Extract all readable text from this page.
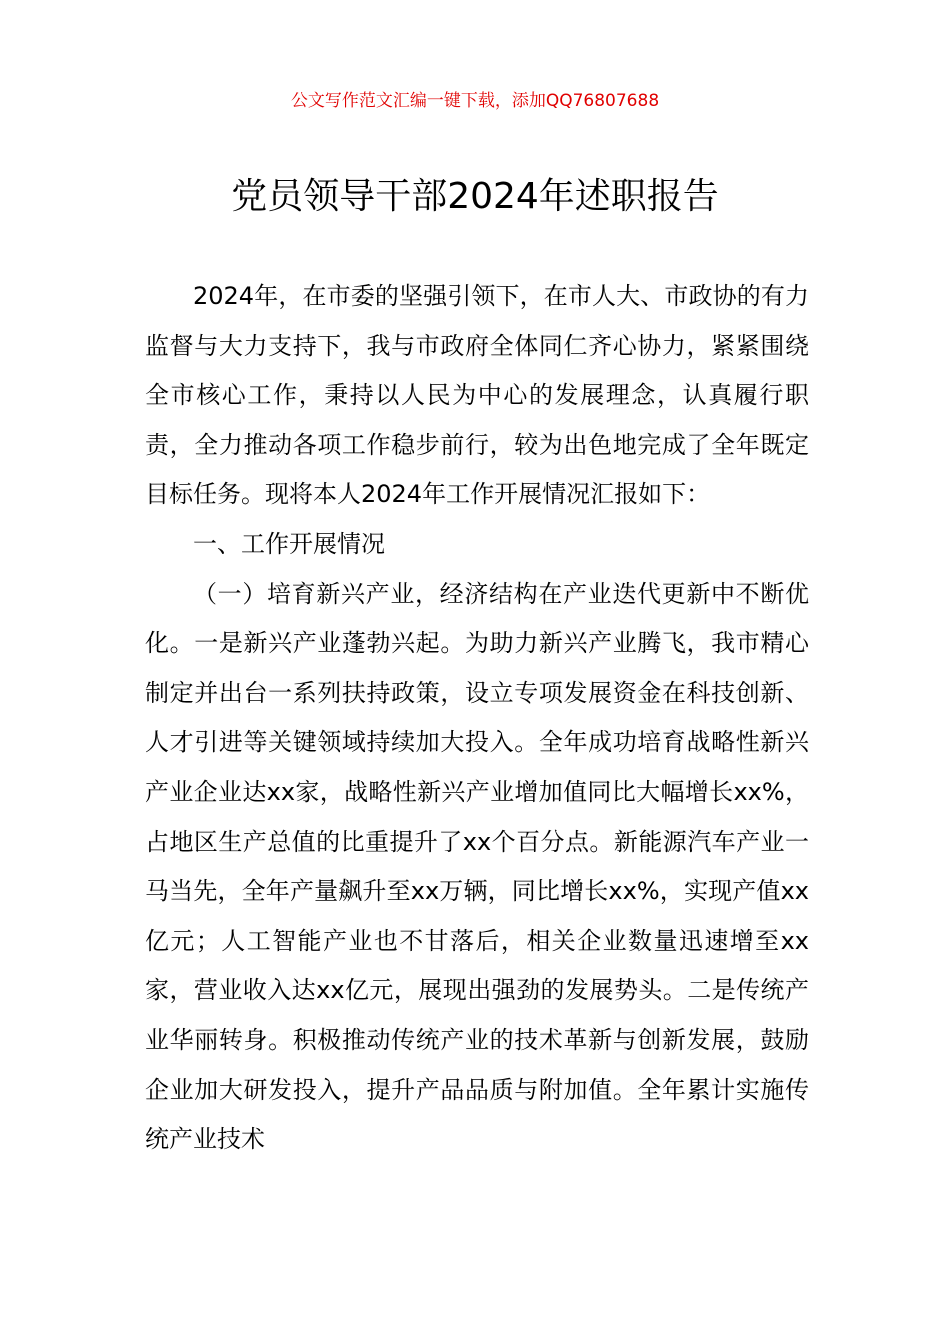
公文写作范文汇编一键下载，添加QQ76807688
党员领导干部2024年述职报告

2024年，在市委的坚强引领下，在市人大、市政协的有力监督与大力支持下，我与市政府全体同仁齐心协力，紧紧围绕全市核心工作，秉持以人民为中心的发展理念，认真履行职责，全力推动各项工作稳步前行，较为出色地完成了全年既定目标任务。现将本人2024年工作开展情况汇报如下：

一、工作开展情况

（一）培育新兴产业，经济结构在产业迭代更新中不断优化。一是新兴产业蓬勃兴起。为助力新兴产业腾飞，我市精心制定并出台一系列扶持政策，设立专项发展资金在科技创新、人才引进等关键领域持续加大投入。全年成功培育战略性新兴产业企业达xx家，战略性新兴产业增加值同比大幅增长xx%，占地区生产总值的比重提升了xx个百分点。新能源汽车产业一马当先，全年产量飙升至xx万辆，同比增长xx%，实现产值xx亿元；人工智能产业也不甘落后，相关企业数量迅速增至xx家，营业收入达xx亿元，展现出强劲的发展势头。二是传统产业华丽转身。积极推动传统产业的技术革新与创新发展，鼓励企业加大研发投入，提升产品品质与附加值。全年累计实施传统产业技术
